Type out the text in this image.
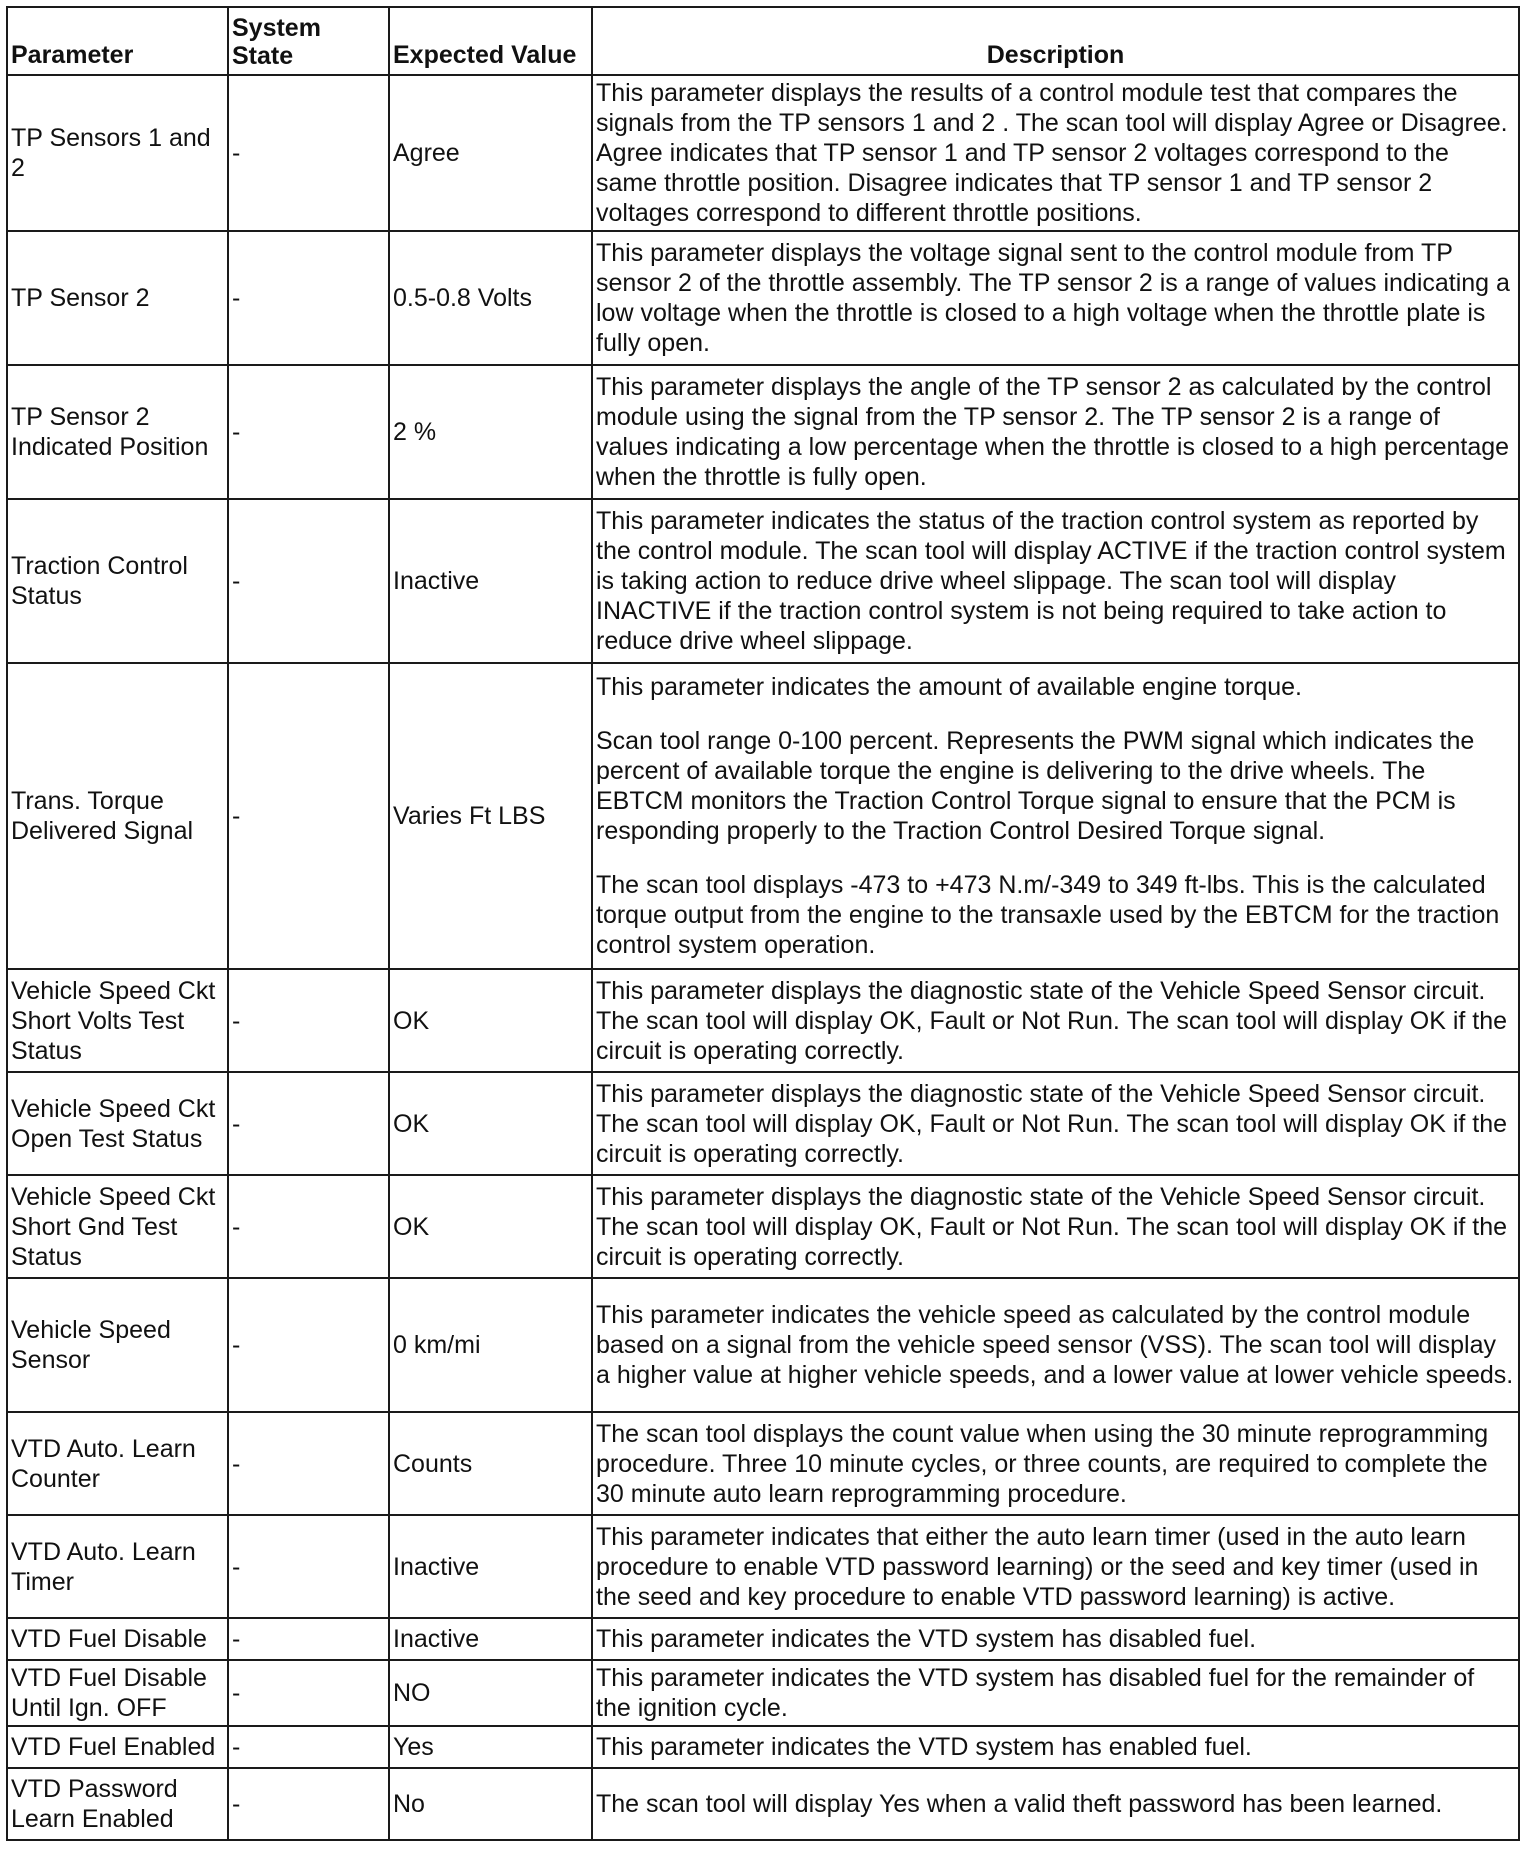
Parameter	System State	Expected Value	Description
TP Sensors 1 and 2	-	Agree	This parameter displays the results of a control module test that compares the signals from the TP sensors 1 and 2 . The scan tool will display Agree or Disagree. Agree indicates that TP sensor 1 and TP sensor 2 voltages correspond to the same throttle position. Disagree indicates that TP sensor 1 and TP sensor 2 voltages correspond to different throttle positions.

TP Sensor 2	-	0.5-0.8 Volts	This parameter displays the voltage signal sent to the control module from TP sensor 2 of the throttle assembly. The TP sensor 2 is a range of values indicating a low voltage when the throttle is closed to a high voltage when the throttle plate is fully open.

TP Sensor 2 Indicated Position	-	2 %	This parameter displays the angle of the TP sensor 2 as calculated by the control module using the signal from the TP sensor 2. The TP sensor 2 is a range of values indicating a low percentage when the throttle is closed to a high percentage when the throttle is fully open.

Traction Control Status	-	Inactive	This parameter indicates the status of the traction control system as reported by the control module. The scan tool will display ACTIVE if the traction control system is taking action to reduce drive wheel slippage. The scan tool will display INACTIVE if the traction control system is not being required to take action to reduce drive wheel slippage.

Trans. Torque Delivered Signal	-	Varies Ft LBS	This parameter indicates the amount of available engine torque.

Scan tool range 0-100 percent. Represents the PWM signal which indicates the percent of available torque the engine is delivering to the drive wheels. The EBTCM monitors the Traction Control Torque signal to ensure that the PCM is responding properly to the Traction Control Desired Torque signal.

The scan tool displays -473 to +473 N.m/-349 to 349 ft-lbs. This is the calculated torque output from the engine to the transaxle used by the EBTCM for the traction control system operation.

Vehicle Speed Ckt Short Volts Test Status	-	OK	This parameter displays the diagnostic state of the Vehicle Speed Sensor circuit. The scan tool will display OK, Fault or Not Run. The scan tool will display OK if the circuit is operating correctly.

Vehicle Speed Ckt Open Test Status	-	OK	This parameter displays the diagnostic state of the Vehicle Speed Sensor circuit. The scan tool will display OK, Fault or Not Run. The scan tool will display OK if the circuit is operating correctly.

Vehicle Speed Ckt Short Gnd Test Status	-	OK	This parameter displays the diagnostic state of the Vehicle Speed Sensor circuit. The scan tool will display OK, Fault or Not Run. The scan tool will display OK if the circuit is operating correctly.

Vehicle Speed Sensor	-	0 km/mi	This parameter indicates the vehicle speed as calculated by the control module based on a signal from the vehicle speed sensor (VSS). The scan tool will display a higher value at higher vehicle speeds, and a lower value at lower vehicle speeds.

VTD Auto. Learn Counter	-	Counts	The scan tool displays the count value when using the 30 minute reprogramming procedure. Three 10 minute cycles, or three counts, are required to complete the 30 minute auto learn reprogramming procedure.

VTD Auto. Learn Timer	-	Inactive	This parameter indicates that either the auto learn timer (used in the auto learn procedure to enable VTD password learning) or the seed and key timer (used in the seed and key procedure to enable VTD password learning) is active.

VTD Fuel Disable	-	Inactive	This parameter indicates the VTD system has disabled fuel.

VTD Fuel Disable Until Ign. OFF	-	NO	This parameter indicates the VTD system has disabled fuel for the remainder of the ignition cycle.

VTD Fuel Enabled	-	Yes	This parameter indicates the VTD system has enabled fuel.

VTD Password Learn Enabled	-	No	The scan tool will display Yes when a valid theft password has been learned.
